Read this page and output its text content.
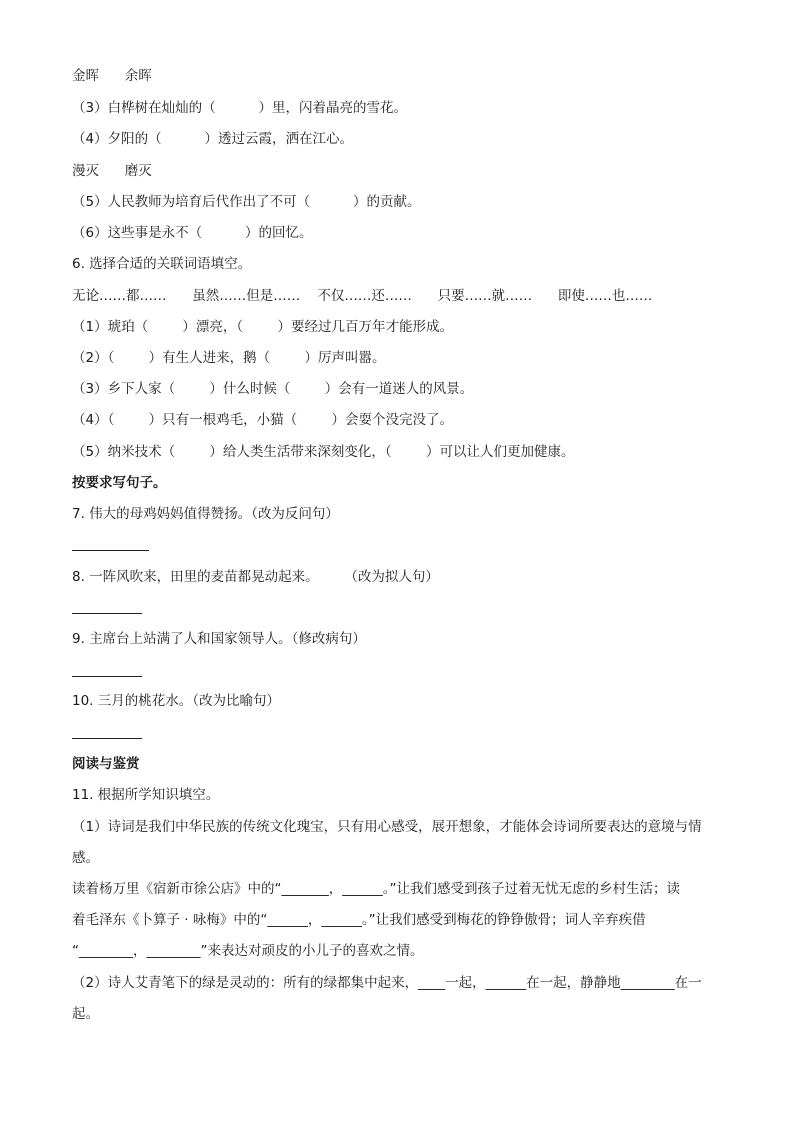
金晖      余晖
（3）白桦树在灿灿的（          ）里，闪着晶亮的雪花。
（4）夕阳的（          ）透过云霞，洒在江心。
漫灭      磨灭
（5）人民教师为培育后代作出了不可（          ）的贡献。
（6）这些事是永不（          ）的回忆。
6. 选择合适的关联词语填空。
无论……都……      虽然……但是……    不仅……还……      只要……就……      即使……也……
（1）琥珀（        ）漂亮，（        ）要经过几百万年才能形成。
（2）（        ）有生人进来，鹅（        ）厉声叫嚣。
（3）乡下人家（        ）什么时候（        ）会有一道迷人的风景。
（4）（        ）只有一根鸡毛，小猫（        ）会耍个没完没了。
（5）纳米技术（        ）给人类生活带来深刻变化，（        ）可以让人们更加健康。
按要求写句子。
7. 伟大的母鸡妈妈值得赞扬。（改为反问句）
8. 一阵风吹来，田里的麦苗都晃动起来。      （改为拟人句）
9. 主席台上站满了人和国家领导人。（修改病句）
10. 三月的桃花水。（改为比喻句）
阅读与鉴赏
11. 根据所学知识填空。
（1）诗词是我们中华民族的传统文化瑰宝，只有用心感受，展开想象，才能体会诗词所要表达的意境与情
感。
读着杨万里《宿新市徐公店》中的“_______，______。”让我们感受到孩子过着无忧无虑的乡村生活；读
着毛泽东《卜算子 · 咏梅》中的“______，______。”让我们感受到梅花的铮铮傲骨；词人辛弃疾借
“________，________”来表达对顽皮的小儿子的喜欢之情。
（2）诗人艾青笔下的绿是灵动的：所有的绿都集中起来，____一起，______在一起，静静地________在一
起。
